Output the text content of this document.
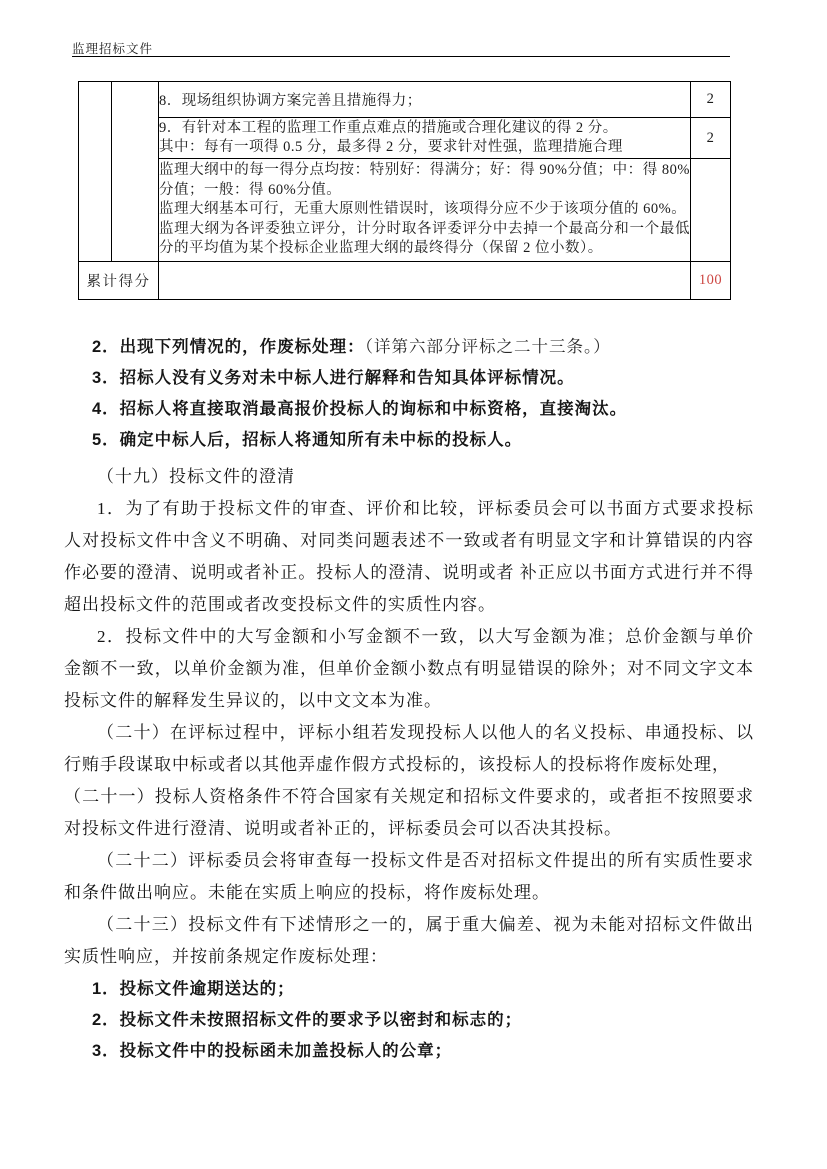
监理招标文件
		8．现场组织协调方案完善且措施得力；	2

		9．有针对本工程的监理工作重点难点的措施或合理化建议的得 2 分。
其中：每有一项得 0.5 分，最多得 2 分，要求针对性强，监理措施合理	2

		监理大纲中的每一得分点均按：特别好：得满分；好：得 90%分值；中：得 80%分值；一般：得 60%分值。
监理大纲基本可行，无重大原则性错误时，该项得分应不少于该项分值的 60%。
监理大纲为各评委独立评分，计分时取各评委评分中去掉一个最高分和一个最低分的平均值为某个投标企业监理大纲的最终得分（保留 2 位小数）。	

累计得分			100
2．出现下列情况的，作废标处理：（详第六部分评标之二十三条。）
3．招标人没有义务对未中标人进行解释和告知具体评标情况。
4．招标人将直接取消最高报价投标人的询标和中标资格，直接淘汰。
5．确定中标人后，招标人将通知所有未中标的投标人。

（十九）投标文件的澄清

1．为了有助于投标文件的审查、评价和比较，评标委员会可以书面方式要求投标人对投标文件中含义不明确、对同类问题表述不一致或者有明显文字和计算错误的内容作必要的澄清、说明或者补正。投标人的澄清、说明或者 补正应以书面方式进行并不得超出投标文件的范围或者改变投标文件的实质性内容。

2．投标文件中的大写金额和小写金额不一致，以大写金额为准；总价金额与单价金额不一致，以单价金额为准，但单价金额小数点有明显错误的除外；对不同文字文本投标文件的解释发生异议的，以中文文本为准。

（二十）在评标过程中，评标小组若发现投标人以他人的名义投标、串通投标、以行贿手段谋取中标或者以其他弄虚作假方式投标的，该投标人的投标将作废标处理，

（二十一）投标人资格条件不符合国家有关规定和招标文件要求的，或者拒不按照要求对投标文件进行澄清、说明或者补正的，评标委员会可以否决其投标。

（二十二）评标委员会将审查每一投标文件是否对招标文件提出的所有实质性要求和条件做出响应。未能在实质上响应的投标，将作废标处理。

（二十三）投标文件有下述情形之一的，属于重大偏差、视为未能对招标文件做出实质性响应，并按前条规定作废标处理：

1．投标文件逾期送达的；
2．投标文件未按照招标文件的要求予以密封和标志的；
3．投标文件中的投标函未加盖投标人的公章；
